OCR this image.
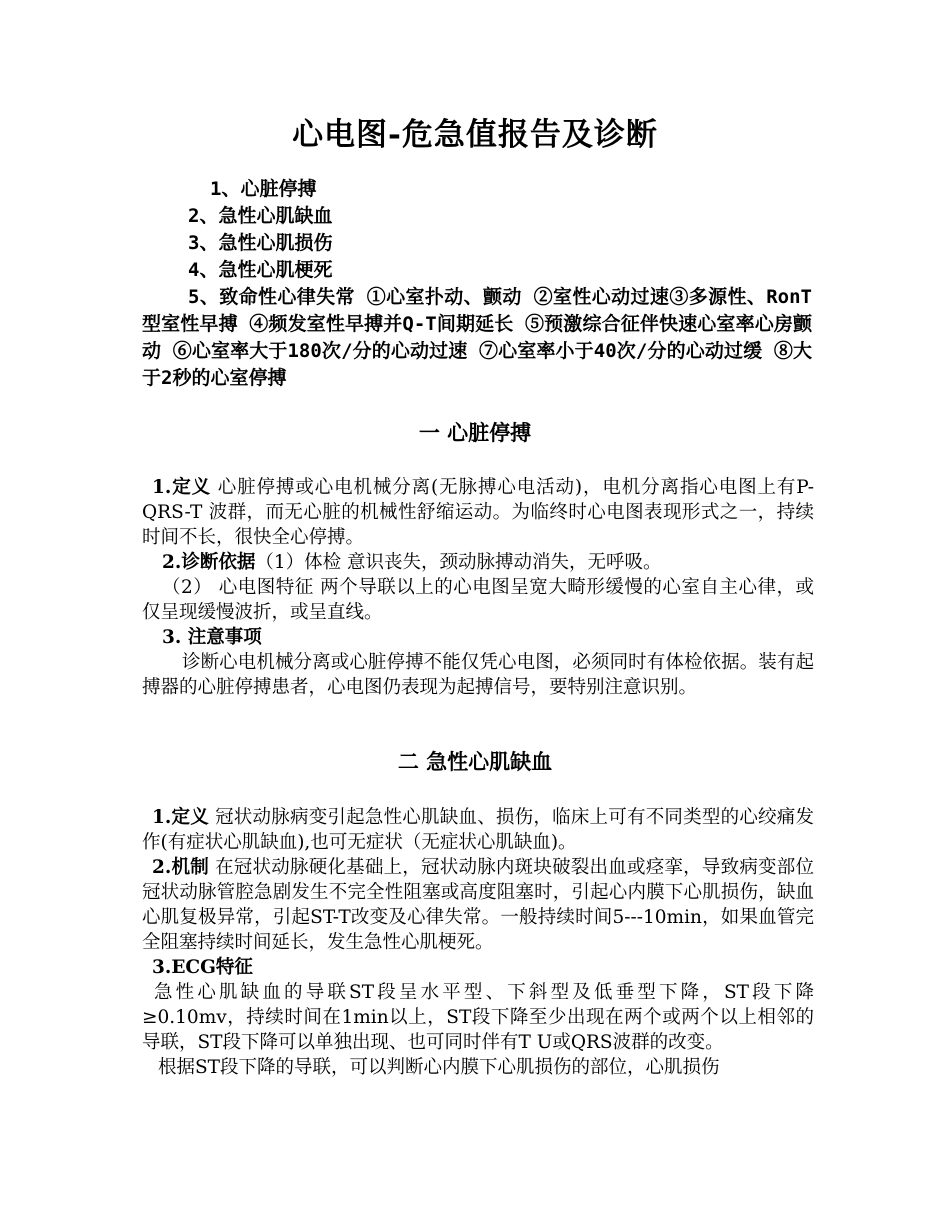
心电图-危急值报告及诊断
1、心脏停搏
2、急性心肌缺血
3、急性心肌损伤
4、急性心肌梗死
5、致命性心律失常 ①心室扑动、颤动 ②室性心动过速③多源性、RonT型室性早搏 ④频发室性早搏并Q-T间期延长 ⑤预激综合征伴快速心室率心房颤动 ⑥心室率大于180次/分的心动过速 ⑦心室率小于40次/分的心动过缓 ⑧大于2秒的心室停搏
一 心脏停搏

1.定义 心脏停搏或心电机械分离(无脉搏心电活动)，电机分离指心电图上有P-QRS-T 波群，而无心脏的机械性舒缩运动。为临终时心电图表现形式之一，持续时间不长，很快全心停搏。

2.诊断依据（1）体检 意识丧失，颈动脉搏动消失，无呼吸。

（2） 心电图特征 两个导联以上的心电图呈宽大畸形缓慢的心室自主心律，或仅呈现缓慢波折，或呈直线。

3. 注意事项

诊断心电机械分离或心脏停搏不能仅凭心电图，必须同时有体检依据。装有起搏器的心脏停搏患者，心电图仍表现为起搏信号，要特别注意识别。

二 急性心肌缺血

1.定义 冠状动脉病变引起急性心肌缺血、损伤，临床上可有不同类型的心绞痛发作(有症状心肌缺血),也可无症状（无症状心肌缺血)。

2.机制 在冠状动脉硬化基础上，冠状动脉内斑块破裂出血或痉挛，导致病变部位冠状动脉管腔急剧发生不完全性阻塞或高度阻塞时，引起心内膜下心肌损伤，缺血心肌复极异常，引起ST-T改变及心律失常。一般持续时间5---10min，如果血管完全阻塞持续时间延长，发生急性心肌梗死。

3.ECG特征

急性心肌缺血的导联ST段呈水平型、下斜型及低垂型下降，ST段下降≥0.10mv，持续时间在1min以上，ST段下降至少出现在两个或两个以上相邻的导联，ST段下降可以单独出现、也可同时伴有T U或QRS波群的改变。

根据ST段下降的导联，可以判断心内膜下心肌损伤的部位，心肌损伤
